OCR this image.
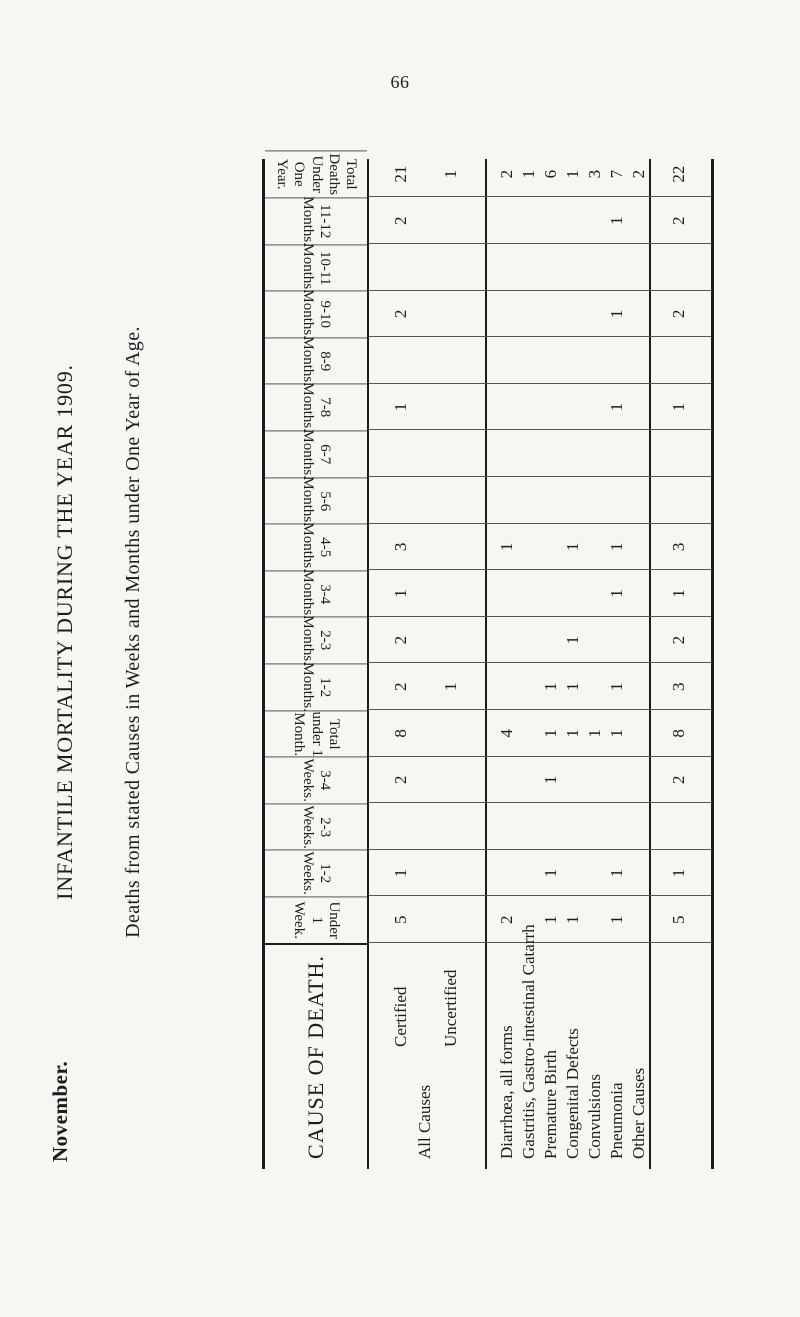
66
November.
INFANTILE MORTALITY DURING THE YEAR 1909. Deaths from stated Causes in Weeks and Months under One Year of Age.
CAUSE OF DEATH.
Under 1 Week.
1-2 Weeks.
2-3 Weeks.
3-4 Weeks.
Total under 1 Month.
1-2 Months.
2-3 Months.
3-4 Months.
4-5 Months.
5-6 Months.
6-7 Months.
7-8 Months.
8-9 Months.
9-10 Months.
10-11 Months.
11-12 Months.
Total Deaths Under One Year.
All Causes
Certified Uncertified
5
1
2
8
2
2
1
3
1
2
2
21
1
1
Diarrhœa, all forms
2
4
1
2
Gastritis, Gastro-intestinal Catarrh
1
Premature Birth
1
1
1
1
1
6
Congenital Defects
1
1
1
1
1
1
Convulsions
1
3
Pneumonia
1
1
1
1
1
1
1
1
1
7
Other Causes
2
5
1
2
8
3
2
1
3
1
2
2
22
